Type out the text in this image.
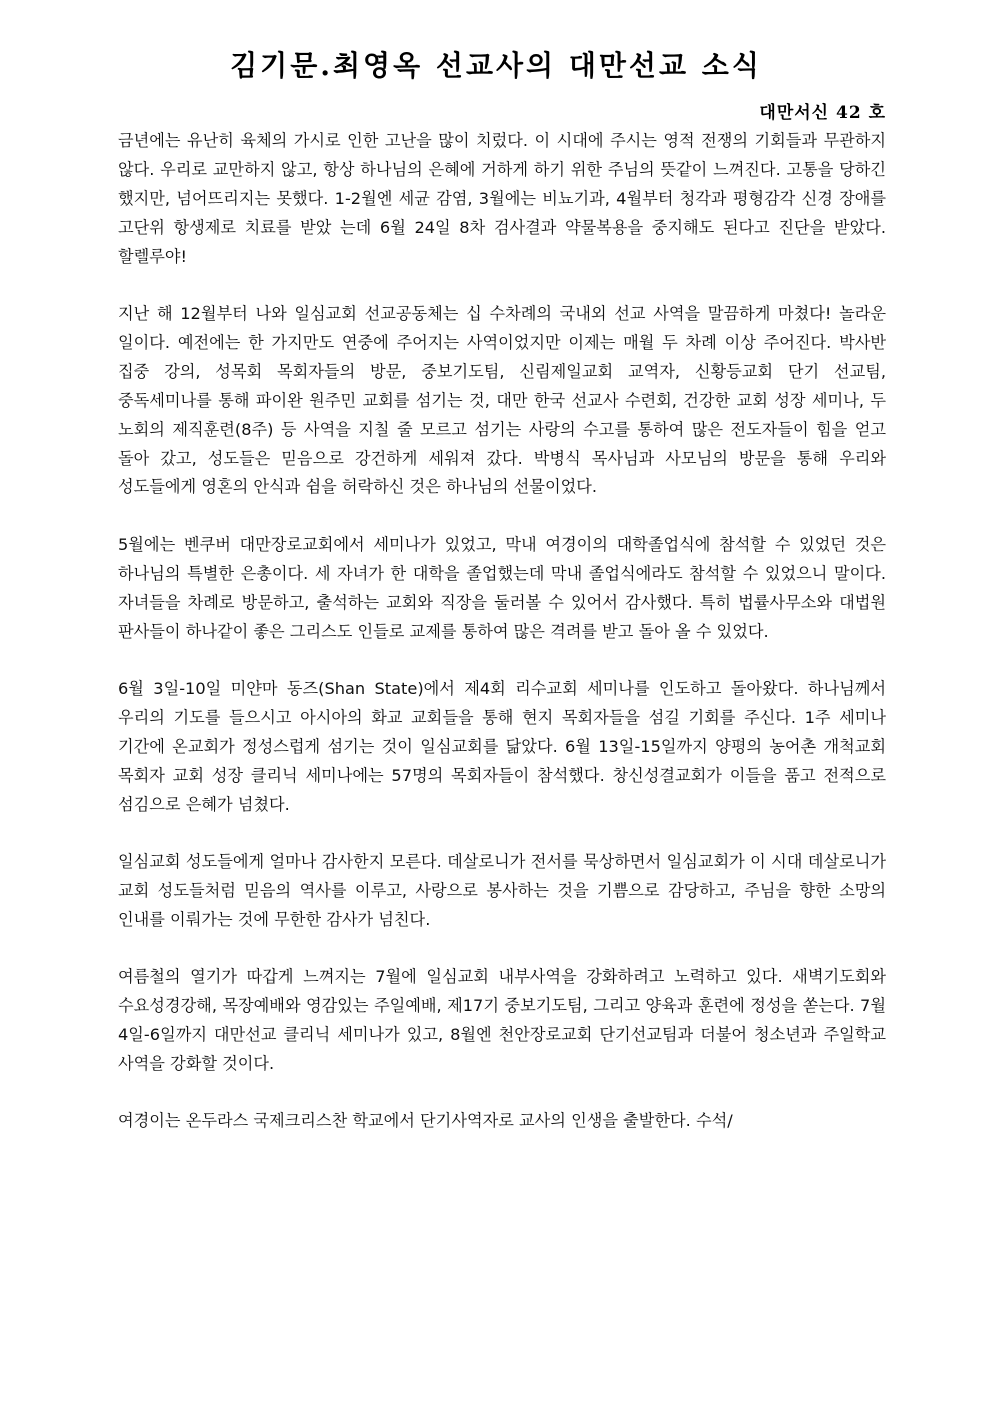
김기문.최영옥 선교사의 대만선교 소식
대만서신 42 호

금년에는 유난히 육체의 가시로 인한 고난을 많이 치렀다. 이 시대에 주시는 영적 전쟁의 기회들과 무관하지 않다. 우리로 교만하지 않고, 항상 하나님의 은혜에 거하게 하기 위한 주님의 뜻같이 느껴진다. 고통을 당하긴 했지만, 넘어뜨리지는 못했다. 1-2월엔 세균 감염, 3월에는 비뇨기과, 4월부터 청각과 평형감각 신경 장애를 고단위 항생제로 치료를 받았 는데 6월 24일 8차 검사결과 약물복용을 중지해도 된다고 진단을 받았다. 할렐루야!

지난 해 12월부터 나와 일심교회 선교공동체는 십 수차례의 국내외 선교 사역을 말끔하게 마쳤다! 놀라운 일이다. 예전에는 한 가지만도 연중에 주어지는 사역이었지만 이제는 매월 두 차례 이상 주어진다. 박사반 집중 강의, 성목회 목회자들의 방문, 중보기도팀, 신림제일교회 교역자, 신황등교회 단기 선교팀, 중독세미나를 통해 파이완 원주민 교회를 섬기는 것, 대만 한국 선교사 수련회, 건강한 교회 성장 세미나, 두 노회의 제직훈련(8주) 등 사역을 지칠 줄 모르고 섬기는 사랑의 수고를 통하여 많은 전도자들이 힘을 얻고 돌아 갔고, 성도들은 믿음으로 강건하게 세워져 갔다. 박병식 목사님과 사모님의 방문을 통해 우리와 성도들에게 영혼의 안식과 쉼을 허락하신 것은 하나님의 선물이었다.

5월에는 벤쿠버 대만장로교회에서 세미나가 있었고, 막내 여경이의 대학졸업식에 참석할 수 있었던 것은 하나님의 특별한 은총이다. 세 자녀가 한 대학을 졸업했는데 막내 졸업식에라도 참석할 수 있었으니 말이다. 자녀들을 차례로 방문하고, 출석하는 교회와 직장을 둘러볼 수 있어서 감사했다. 특히 법률사무소와 대법원 판사들이 하나같이 좋은 그리스도 인들로 교제를 통하여 많은 격려를 받고 돌아 올 수 있었다.

6월 3일-10일 미얀마 동즈(Shan State)에서 제4회 리수교회 세미나를 인도하고 돌아왔다. 하나님께서 우리의 기도를 들으시고 아시아의 화교 교회들을 통해 현지 목회자들을 섬길 기회를 주신다. 1주 세미나 기간에 온교회가 정성스럽게 섬기는 것이 일심교회를 닮았다. 6월 13일-15일까지 양평의 농어촌 개척교회 목회자 교회 성장 클리닉 세미나에는 57명의 목회자들이 참석했다. 창신성결교회가 이들을 품고 전적으로 섬김으로 은혜가 넘쳤다.

일심교회 성도들에게 얼마나 감사한지 모른다. 데살로니가 전서를 묵상하면서 일심교회가 이 시대 데살로니가 교회 성도들처럼 믿음의 역사를 이루고, 사랑으로 봉사하는 것을 기쁨으로 감당하고, 주님을 향한 소망의 인내를 이뤄가는 것에 무한한 감사가 넘친다.

여름철의 열기가 따갑게 느껴지는 7월에 일심교회 내부사역을 강화하려고 노력하고 있다. 새벽기도회와 수요성경강해, 목장예배와 영감있는 주일예배, 제17기 중보기도팀, 그리고 양육과 훈련에 정성을 쏟는다. 7월 4일-6일까지 대만선교 클리닉 세미나가 있고, 8월엔 천안장로교회 단기선교팀과 더불어 청소년과 주일학교 사역을 강화할 것이다.

여경이는 온두라스 국제크리스찬 학교에서 단기사역자로 교사의 인생을 출발한다. 수석/
